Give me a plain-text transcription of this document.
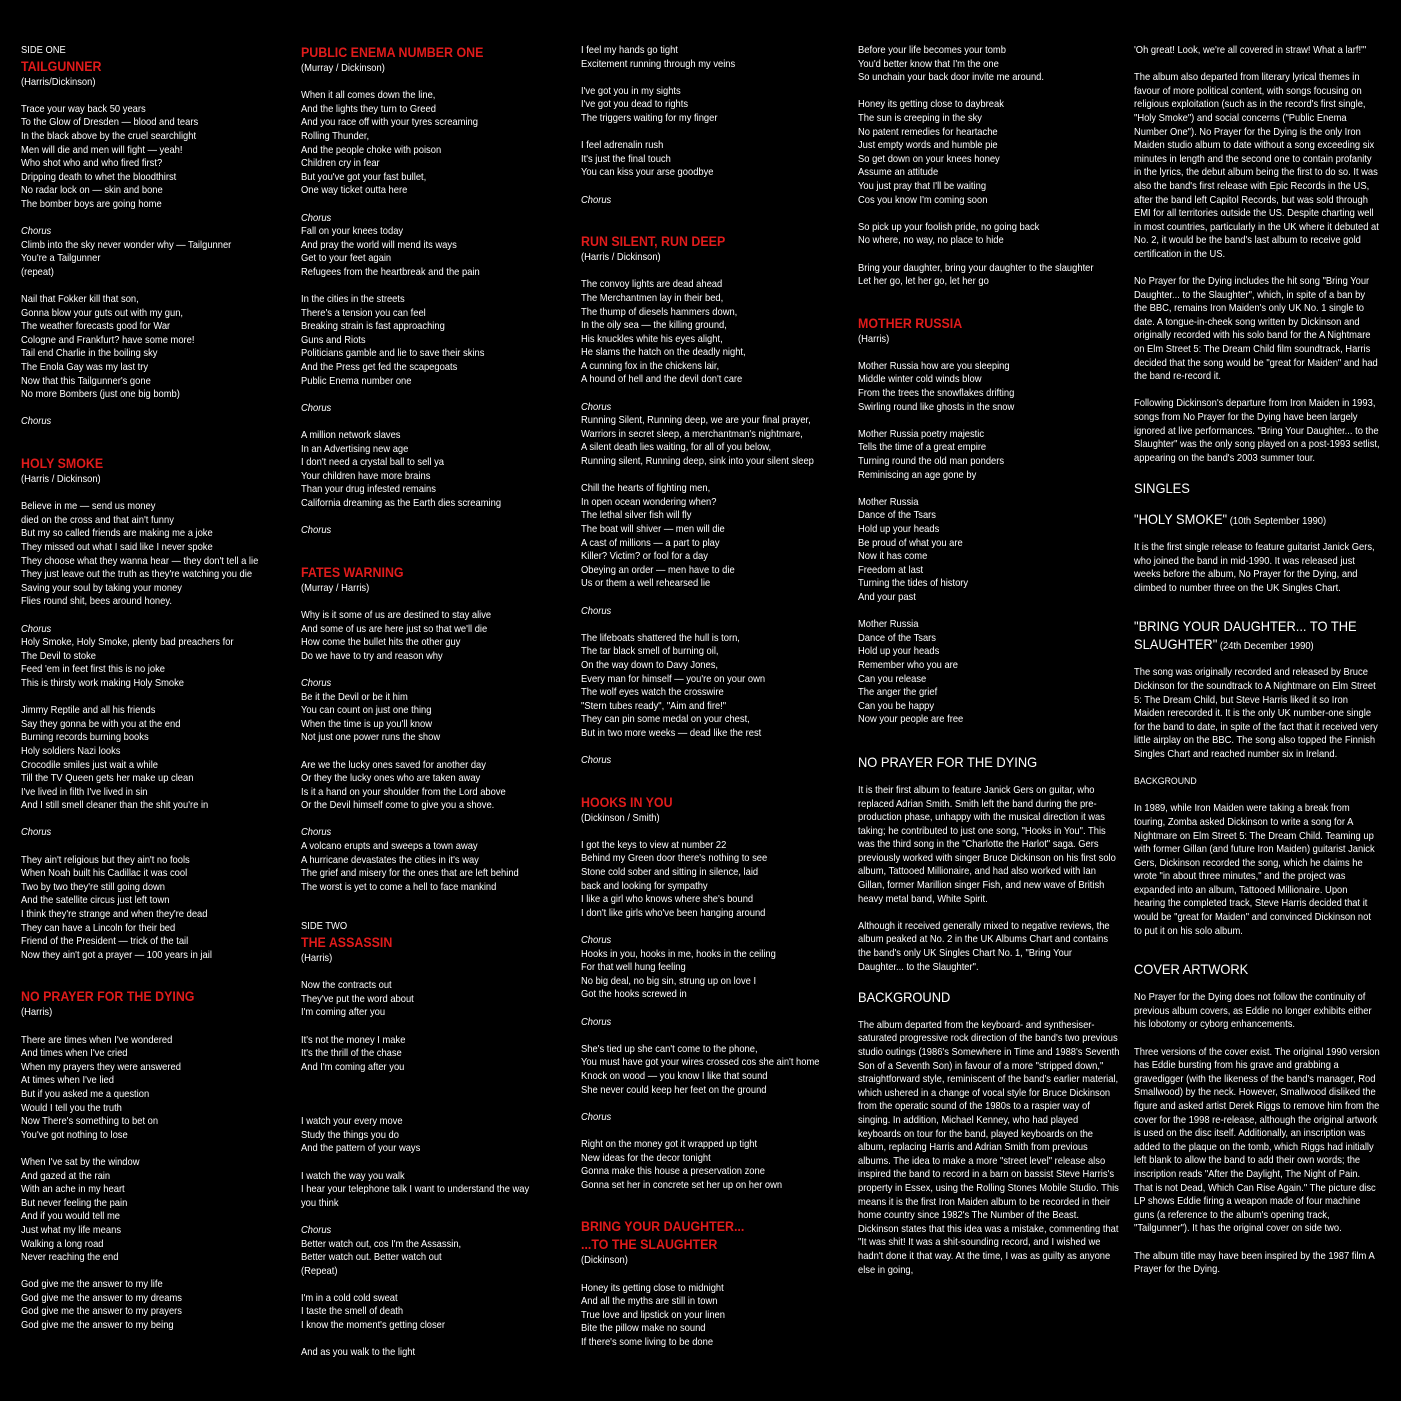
SIDE ONE
TAILGUNNER
(Harris/Dickinson)
Trace your way back 50 years
To the Glow of Dresden — blood and tears
In the black above by the cruel searchlight
Men will die and men will fight — yeah!
Who shot who and who fired first?
Dripping death to whet the bloodthirst
No radar lock on — skin and bone
The bomber boys are going home
Chorus
Climb into the sky never wonder why — Tailgunner
You're a Tailgunner
(repeat)
Nail that Fokker kill that son,
Gonna blow your guts out with my gun,
The weather forecasts good for War
Cologne and Frankfurt? have some more!
Tail end Charlie in the boiling sky
The Enola Gay was my last try
Now that this Tailgunner's gone
No more Bombers (just one big bomb)
Chorus
HOLY SMOKE
(Harris / Dickinson)
Believe in me — send us money
died on the cross and that ain't funny
But my so called friends are making me a joke
They missed out what I said like I never spoke
They choose what they wanna hear — they don't tell a lie
They just leave out the truth as they're watching you die
Saving your soul by taking your money
Flies round shit, bees around honey.
Chorus
Holy Smoke, Holy Smoke, plenty bad preachers for
The Devil to stoke
Feed 'em in feet first this is no joke
This is thirsty work making Holy Smoke
Jimmy Reptile and all his friends
Say they gonna be with you at the end
Burning records burning books
Holy soldiers Nazi looks
Crocodile smiles just wait a while
Till the TV Queen gets her make up clean
I've lived in filth I've lived in sin
And I still smell cleaner than the shit you're in
Chorus
They ain't religious but they ain't no fools
When Noah built his Cadillac it was cool
Two by two they're still going down
And the satellite circus just left town
I think they're strange and when they're dead
They can have a Lincoln for their bed
Friend of the President — trick of the tail
Now they ain't got a prayer — 100 years in jail
NO PRAYER FOR THE DYING
(Harris)
There are times when I've wondered
And times when I've cried
When my prayers they were answered
At times when I've lied
But if you asked me a question
Would I tell you the truth
Now There's something to bet on
You've got nothing to lose
When I've sat by the window
And gazed at the rain
With an ache in my heart
But never feeling the pain
And if you would tell me
Just what my life means
Walking a long road
Never reaching the end
God give me the answer to my life
God give me the answer to my dreams
God give me the answer to my prayers
God give me the answer to my being
PUBLIC ENEMA NUMBER ONE
(Murray / Dickinson)
When it all comes down the line,
And the lights they turn to Greed
And you race off with your tyres screaming
Rolling Thunder,
And the people choke with poison
Children cry in fear
But you've got your fast bullet,
One way ticket outta here
Chorus
Fall on your knees today
And pray the world will mend its ways
Get to your feet again
Refugees from the heartbreak and the pain
In the cities in the streets
There's a tension you can feel
Breaking strain is fast approaching
Guns and Riots
Politicians gamble and lie to save their skins
And the Press get fed the scapegoats
Public Enema number one
Chorus
A million network slaves
In an Advertising new age
I don't need a crystal ball to sell ya
Your children have more brains
Than your drug infested remains
California dreaming as the Earth dies screaming
Chorus
FATES WARNING
(Murray / Harris)
Why is it some of us are destined to stay alive
And some of us are here just so that we'll die
How come the bullet hits the other guy
Do we have to try and reason why
Chorus
Be it the Devil or be it him
You can count on just one thing
When the time is up you'll know
Not just one power runs the show
Are we the lucky ones saved for another day
Or they the lucky ones who are taken away
Is it a hand on your shoulder from the Lord above
Or the Devil himself come to give you a shove.
Chorus
A volcano erupts and sweeps a town away
A hurricane devastates the cities in it's way
The grief and misery for the ones that are left behind
The worst is yet to come a hell to face mankind
SIDE TWO
THE ASSASSIN
(Harris)
Now the contracts out
They've put the word about
I'm coming after you
It's not the money I make
It's the thrill of the chase
And I'm coming after you
I watch your every move
Study the things you do
And the pattern of your ways
I watch the way you walk
I hear your telephone talk I want to understand the way
you think
Chorus
Better watch out, cos I'm the Assassin,
Better watch out. Better watch out
(Repeat)
I'm in a cold cold sweat
I taste the smell of death
I know the moment's getting closer
And as you walk to the light
I feel my hands go tight
Excitement running through my veins
I've got you in my sights
I've got you dead to rights
The triggers waiting for my finger
I feel adrenalin rush
It's just the final touch
You can kiss your arse goodbye
Chorus
RUN SILENT, RUN DEEP
(Harris / Dickinson)
The convoy lights are dead ahead
The Merchantmen lay in their bed,
The thump of diesels hammers down,
In the oily sea — the killing ground,
His knuckles white his eyes alight,
He slams the hatch on the deadly night,
A cunning fox in the chickens lair,
A hound of hell and the devil don't care
Chorus
Running Silent, Running deep, we are your final prayer,
Warriors in secret sleep, a merchantman's nightmare,
A silent death lies waiting, for all of you below,
Running silent, Running deep, sink into your silent sleep
Chill the hearts of fighting men,
In open ocean wondering when?
The lethal silver fish will fly
The boat will shiver — men will die
A cast of millions — a part to play
Killer? Victim? or fool for a day
Obeying an order — men have to die
Us or them a well rehearsed lie
Chorus
The lifeboats shattered the hull is torn,
The tar black smell of burning oil,
On the way down to Davy Jones,
Every man for himself — you're on your own
The wolf eyes watch the crosswire
"Stern tubes ready", "Aim and fire!"
They can pin some medal on your chest,
But in two more weeks — dead like the rest
Chorus
HOOKS IN YOU
(Dickinson / Smith)
I got the keys to view at number 22
Behind my Green door there's nothing to see
Stone cold sober and sitting in silence, laid
back and looking for sympathy
I like a girl who knows where she's bound
I don't like girls who've been hanging around
Chorus
Hooks in you, hooks in me, hooks in the ceiling
For that well hung feeling
No big deal, no big sin, strung up on love I
Got the hooks screwed in
Chorus
She's tied up she can't come to the phone,
You must have got your wires crossed cos she ain't home
Knock on wood — you know I like that sound
She never could keep her feet on the ground
Chorus
Right on the money got it wrapped up tight
New ideas for the decor tonight
Gonna make this house a preservation zone
Gonna set her in concrete set her up on her own
BRING YOUR DAUGHTER...
...TO THE SLAUGHTER
(Dickinson)
Honey its getting close to midnight
And all the myths are still in town
True love and lipstick on your linen
Bite the pillow make no sound
If there's some living to be done
Before your life becomes your tomb
You'd better know that I'm the one
So unchain your back door invite me around.
Honey its getting close to daybreak
The sun is creeping in the sky
No patent remedies for heartache
Just empty words and humble pie
So get down on your knees honey
Assume an attitude
You just pray that I'll be waiting
Cos you know I'm coming soon
So pick up your foolish pride, no going back
No where, no way, no place to hide
Bring your daughter, bring your daughter to the slaughter
Let her go, let her go, let her go
MOTHER RUSSIA
(Harris)
Mother Russia how are you sleeping
Middle winter cold winds blow
From the trees the snowflakes drifting
Swirling round like ghosts in the snow
Mother Russia poetry majestic
Tells the time of a great empire
Turning round the old man ponders
Reminiscing an age gone by
Mother Russia
Dance of the Tsars
Hold up your heads
Be proud of what you are
Now it has come
Freedom at last
Turning the tides of history
And your past
Mother Russia
Dance of the Tsars
Hold up your heads
Remember who you are
Can you release
The anger the grief
Can you be happy
Now your people are free
NO PRAYER FOR THE DYING
It is their first album to feature Janick Gers on guitar, who replaced Adrian Smith. Smith left the band during the pre-production phase, unhappy with the musical direction it was taking; he contributed to just one song, "Hooks in You". This was the third song in the "Charlotte the Harlot" saga. Gers previously worked with singer Bruce Dickinson on his first solo album, Tattooed Millionaire, and had also worked with Ian Gillan, former Marillion singer Fish, and new wave of British heavy metal band, White Spirit.
Although it received generally mixed to negative reviews, the album peaked at No. 2 in the UK Albums Chart and contains the band's only UK Singles Chart No. 1, "Bring Your Daughter... to the Slaughter".
BACKGROUND
The album departed from the keyboard- and synthesiser-saturated progressive rock direction of the band's two previous studio outings (1986's Somewhere in Time and 1988's Seventh Son of a Seventh Son) in favour of a more "stripped down," straightforward style, reminiscent of the band's earlier material, which ushered in a change of vocal style for Bruce Dickinson from the operatic sound of the 1980s to a raspier way of singing. In addition, Michael Kenney, who had played keyboards on tour for the band, played keyboards on the album, replacing Harris and Adrian Smith from previous albums. The idea to make a more "street level" release also inspired the band to record in a barn on bassist Steve Harris's property in Essex, using the Rolling Stones Mobile Studio. This means it is the first Iron Maiden album to be recorded in their home country since 1982's The Number of the Beast. Dickinson states that this idea was a mistake, commenting that "It was shit! It was a shit-sounding record, and I wished we hadn't done it that way. At the time, I was as guilty as anyone else in going,
'Oh great! Look, we're all covered in straw! What a larf!'"
The album also departed from literary lyrical themes in favour of more political content, with songs focusing on religious exploitation (such as in the record's first single, "Holy Smoke") and social concerns ("Public Enema Number One"). No Prayer for the Dying is the only Iron Maiden studio album to date without a song exceeding six minutes in length and the second one to contain profanity in the lyrics, the debut album being the first to do so. It was also the band's first release with Epic Records in the US, after the band left Capitol Records, but was sold through EMI for all territories outside the US. Despite charting well in most countries, particularly in the UK where it debuted at No. 2, it would be the band's last album to receive gold certification in the US.
No Prayer for the Dying includes the hit song "Bring Your Daughter... to the Slaughter", which, in spite of a ban by the BBC, remains Iron Maiden's only UK No. 1 single to date. A tongue-in-cheek song written by Dickinson and originally recorded with his solo band for the A Nightmare on Elm Street 5: The Dream Child film soundtrack, Harris decided that the song would be "great for Maiden" and had the band re-record it.
Following Dickinson's departure from Iron Maiden in 1993, songs from No Prayer for the Dying have been largely ignored at live performances. "Bring Your Daughter... to the Slaughter" was the only song played on a post-1993 setlist, appearing on the band's 2003 summer tour.
SINGLES
"HOLY SMOKE" (10th September 1990)
It is the first single release to feature guitarist Janick Gers, who joined the band in mid-1990. It was released just weeks before the album, No Prayer for the Dying, and climbed to number three on the UK Singles Chart.
"BRING YOUR DAUGHTER... TO THE SLAUGHTER" (24th December 1990)
The song was originally recorded and released by Bruce Dickinson for the soundtrack to A Nightmare on Elm Street 5: The Dream Child, but Steve Harris liked it so Iron Maiden rerecorded it. It is the only UK number-one single for the band to date, in spite of the fact that it received very little airplay on the BBC. The song also topped the Finnish Singles Chart and reached number six in Ireland.
BACKGROUND
In 1989, while Iron Maiden were taking a break from touring, Zomba asked Dickinson to write a song for A Nightmare on Elm Street 5: The Dream Child. Teaming up with former Gillan (and future Iron Maiden) guitarist Janick Gers, Dickinson recorded the song, which he claims he wrote "in about three minutes," and the project was expanded into an album, Tattooed Millionaire. Upon hearing the completed track, Steve Harris decided that it would be "great for Maiden" and convinced Dickinson not to put it on his solo album.
COVER ARTWORK
No Prayer for the Dying does not follow the continuity of previous album covers, as Eddie no longer exhibits either his lobotomy or cyborg enhancements.
Three versions of the cover exist. The original 1990 version has Eddie bursting from his grave and grabbing a gravedigger (with the likeness of the band's manager, Rod Smallwood) by the neck. However, Smallwood disliked the figure and asked artist Derek Riggs to remove him from the cover for the 1998 re-release, although the original artwork is used on the disc itself. Additionally, an inscription was added to the plaque on the tomb, which Riggs had initially left blank to allow the band to add their own words; the inscription reads "After the Daylight, The Night of Pain. That is not Dead, Which Can Rise Again." The picture disc LP shows Eddie firing a weapon made of four machine guns (a reference to the album's opening track, "Tailgunner"). It has the original cover on side two.
The album title may have been inspired by the 1987 film A Prayer for the Dying.
